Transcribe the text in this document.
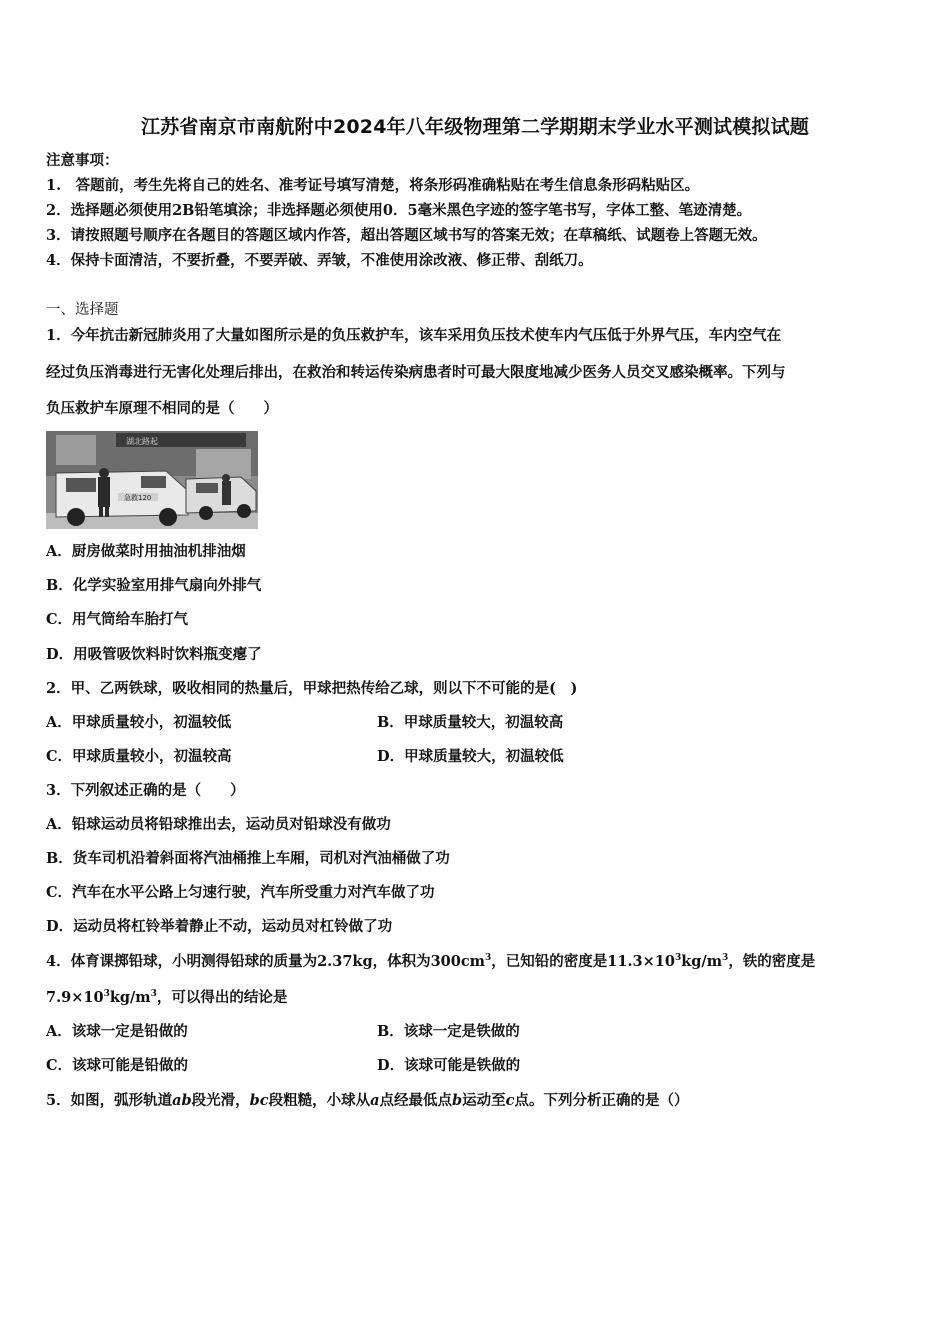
江苏省南京市南航附中2024年八年级物理第二学期期末学业水平测试模拟试题
注意事项：
1.　答题前，考生先将自己的姓名、准考证号填写清楚，将条形码准确粘贴在考生信息条形码粘贴区。
2．选择题必须使用2B铅笔填涂；非选择题必须使用0．5毫米黑色字迹的签字笔书写，字体工整、笔迹清楚。
3．请按照题号顺序在各题目的答题区域内作答，超出答题区域书写的答案无效；在草稿纸、试题卷上答题无效。
4．保持卡面清洁，不要折叠，不要弄破、弄皱，不准使用涂改液、修正带、刮纸刀。
一、选择题
1．今年抗击新冠肺炎用了大量如图所示是的负压救护车，该车采用负压技术使车内气压低于外界气压，车内空气在
经过负压消毒进行无害化处理后排出，在救治和转运传染病患者时可最大限度地减少医务人员交叉感染概率。下列与
负压救护车原理不相同的是（　　）
湖北路起
急救120
A．厨房做菜时用抽油机排油烟
B．化学实验室用排气扇向外排气
C．用气筒给车胎打气
D．用吸管吸饮料时饮料瓶变瘪了
2．甲、乙两铁球，吸收相同的热量后，甲球把热传给乙球，则以下不可能的是(　)
A．甲球质量较小，初温较低	B．甲球质量较大，初温较高
C．甲球质量较小，初温较高	D．甲球质量较大，初温较低
3．下列叙述正确的是（　　）
A．铅球运动员将铅球推出去，运动员对铅球没有做功
B．货车司机沿着斜面将汽油桶推上车厢，司机对汽油桶做了功
C．汽车在水平公路上匀速行驶，汽车所受重力对汽车做了功
D．运动员将杠铃举着静止不动，运动员对杠铃做了功
4．体育课掷铅球，小明测得铅球的质量为2.37kg，体积为$300cm^3$，已知铅的密度是$11.3\times 10^3kg/m^3$，铁的密度是
$7.9\times 10^3kg/m^3$，可以得出的结论是
A．该球一定是铅做的	B．该球一定是铁做的
C．该球可能是铅做的	D．该球可能是铁做的
5．如图，弧形轨道ab段光滑，bc段粗糙，小球从a点经最低点b运动至c点。下列分析正确的是（）
